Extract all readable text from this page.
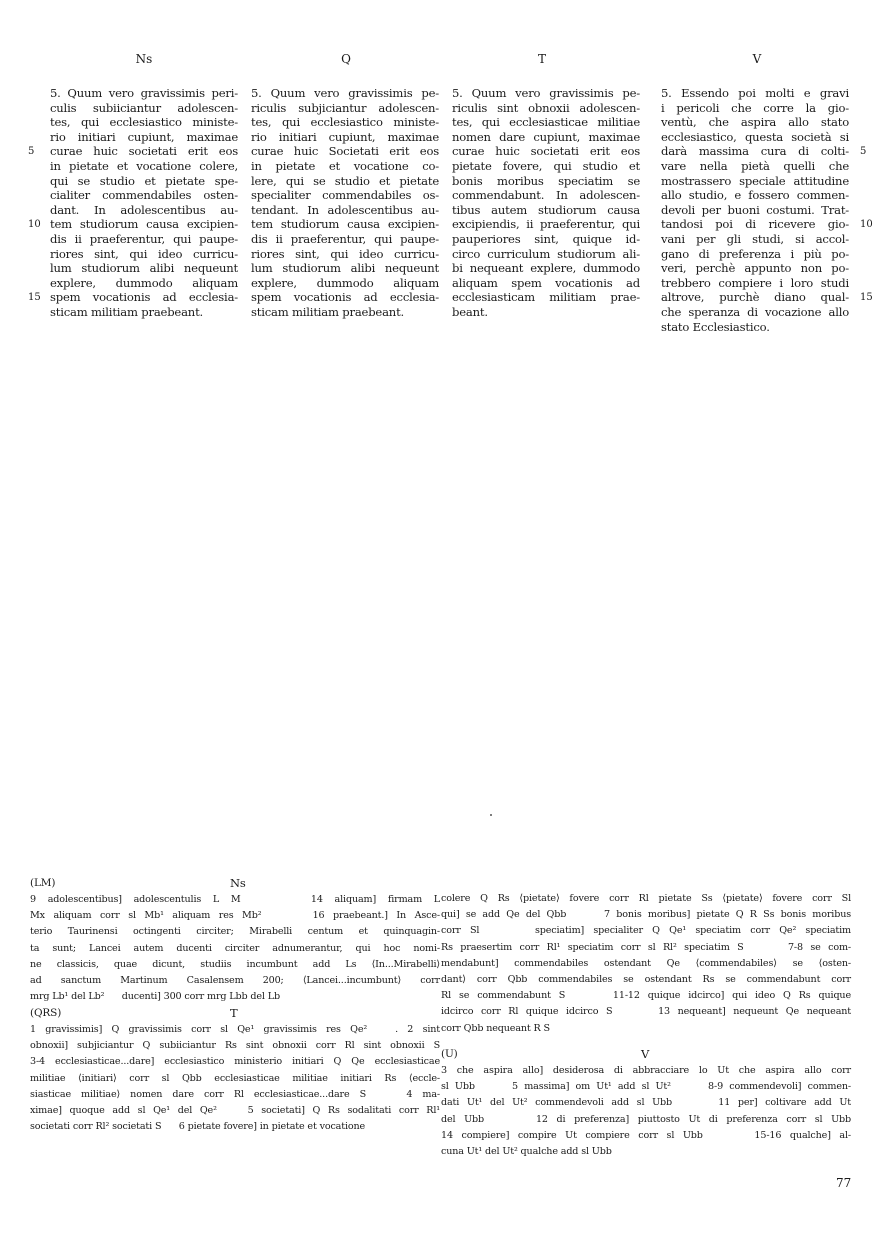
Ns
5. Quum vero gravissimis peri-
culis subiiciantur adolescen-
tes, qui ecclesiastico ministe-
rio initiari cupiunt, maximae
curae huic societati erit eos
in pietate et vocatione colere,
qui se studio et pietate spe-
cialiter commendabiles osten-
dant. In adolescentibus au-
tem studiorum causa excipien-
dis ii praeferentur, qui paupe-
riores sint, qui ideo curricu-
lum studiorum alibi nequeunt
explere, dummodo aliquam
spem vocationis ad ecclesia-
sticam militiam praebeant.
Q
5. Quum vero gravissimis pe-
riculis subjiciantur adolescen-
tes, qui ecclesiastico ministe-
rio initiari cupiunt, maximae
curae huic Societati erit eos
in pietate et vocatione co-
lere, qui se studio et pietate
specialiter commendabiles os-
tendant. In adolescentibus au-
tem studiorum causa excipien-
dis ii praeferentur, qui paupe-
riores sint, qui ideo curricu-
lum studiorum alibi nequeunt
explere, dummodo aliquam
spem vocationis ad ecclesia-
sticam militiam praebeant.
T
5. Quum vero gravissimis pe-
riculis sint obnoxii adolescen-
tes, qui ecclesiasticae militiae
nomen dare cupiunt, maximae
curae huic societati erit eos
pietate fovere, qui studio et
bonis moribus speciatim se
commendabunt. In adolescen-
tibus autem studiorum causa
excipiendis, ii praeferentur, qui
pauperiores sint, quique id-
circo curriculum studiorum ali-
bi nequeant explere, dummodo
aliquam spem vocationis ad
ecclesiasticam militiam prae-
beant.
V
5. Essendo poi molti e gravi
i pericoli che corre la gio-
ventù, che aspira allo stato
ecclesiastico, questa società si
darà massima cura di colti-
vare nella pietà quelli che
mostrassero speciale attitudine
allo studio, e fossero commen-
devoli per buoni costumi. Trat-
tandosi poi di ricevere gio-
vani per gli studi, si accol-
gano di preferenza i più po-
veri, perchè appunto non po-
trebbero compiere i loro studi
altrove, purchè diano qual-
che speranza di vocazione allo
stato Ecclesiastico.
(LM)	Ns
9 adolescentibus] adolescentulis L M      14 aliquam] firmam L
Mx aliquam corr sl Mb¹ aliquam res Mb²      16 praebeant.] In Asce-
terio Taurinensi octingenti circiter; Mirabelli centum et quinquagin-
ta sunt; Lancei autem ducenti circiter adnumerantur, qui hoc nomi-
ne classicis, quae dicunt, studiis incumbunt add Ls ⟨In...Mirabelli⟩
ad sanctum Martinum Casalensem 200; ⟨Lancei...incumbunt⟩ corr
mrg Lb¹ del Lb²      ducenti] 300 corr mrg Lbb del Lb
(QRS)	T
1 gravissimis] Q gravissimis corr sl Qe¹ gravissimis res Qe²   . 2 sint
obnoxii] subjiciantur Q subiiciantur Rs sint obnoxii corr Rl sint obnoxii S
3-4 ecclesiasticae...dare] ecclesiastico ministerio initiari Q Qe ecclesiasticae
militiae ⟨initiari⟩ corr sl Qbb ecclesiasticae militiae initiari Rs ⟨eccle-
siasticae militiae⟩ nomen dare corr Rl ecclesiasticae...dare S    4 ma-
ximae] quoque add sl Qe¹ del Qe²    5 societati] Q Rs sodalitati corr Rl¹
societati corr Rl² societati S      6 pietate fovere] in pietate et vocatione
colere Q Rs ⟨pietate⟩ fovere corr Rl pietate Ss ⟨pietate⟩ fovere corr Sl
qui] se add Qe del Qbb      7 bonis moribus] pietate Q R Ss bonis moribus
corr Sl      speciatim] specialiter Q Qe¹ speciatim corr Qe² speciatim
Rs praesertim corr Rl¹ speciatim corr sl Rl² speciatim S      7-8 se com-
mendabunt] commendabiles ostendant Qe ⟨commendabiles⟩ se ⟨osten-
dant⟩ corr Qbb commendabiles se ostendant Rs se commendabunt corr
Rl se commendabunt S      11-12 quique idcirco] qui ideo Q Rs quique
idcirco corr Rl quique idcirco S      13 nequeant] nequeunt Qe nequeant
corr Qbb nequeant R S
(U)	V
3 che aspira allo] desiderosa di abbracciare lo Ut che aspira allo corr
sl Ubb      5 massima] om Ut¹ add sl Ut²      8-9 commendevoli] commen-
dati Ut¹ del Ut² commendevoli add sl Ubb      11 per] coltivare add Ut
del Ubb      12 di preferenza] piuttosto Ut di preferenza corr sl Ubb
14 compiere] compire Ut compiere corr sl Ubb      15-16 qualche] al-
cuna Ut¹ del Ut² qualche add sl Ubb
77
5
10
15
5
10
15
